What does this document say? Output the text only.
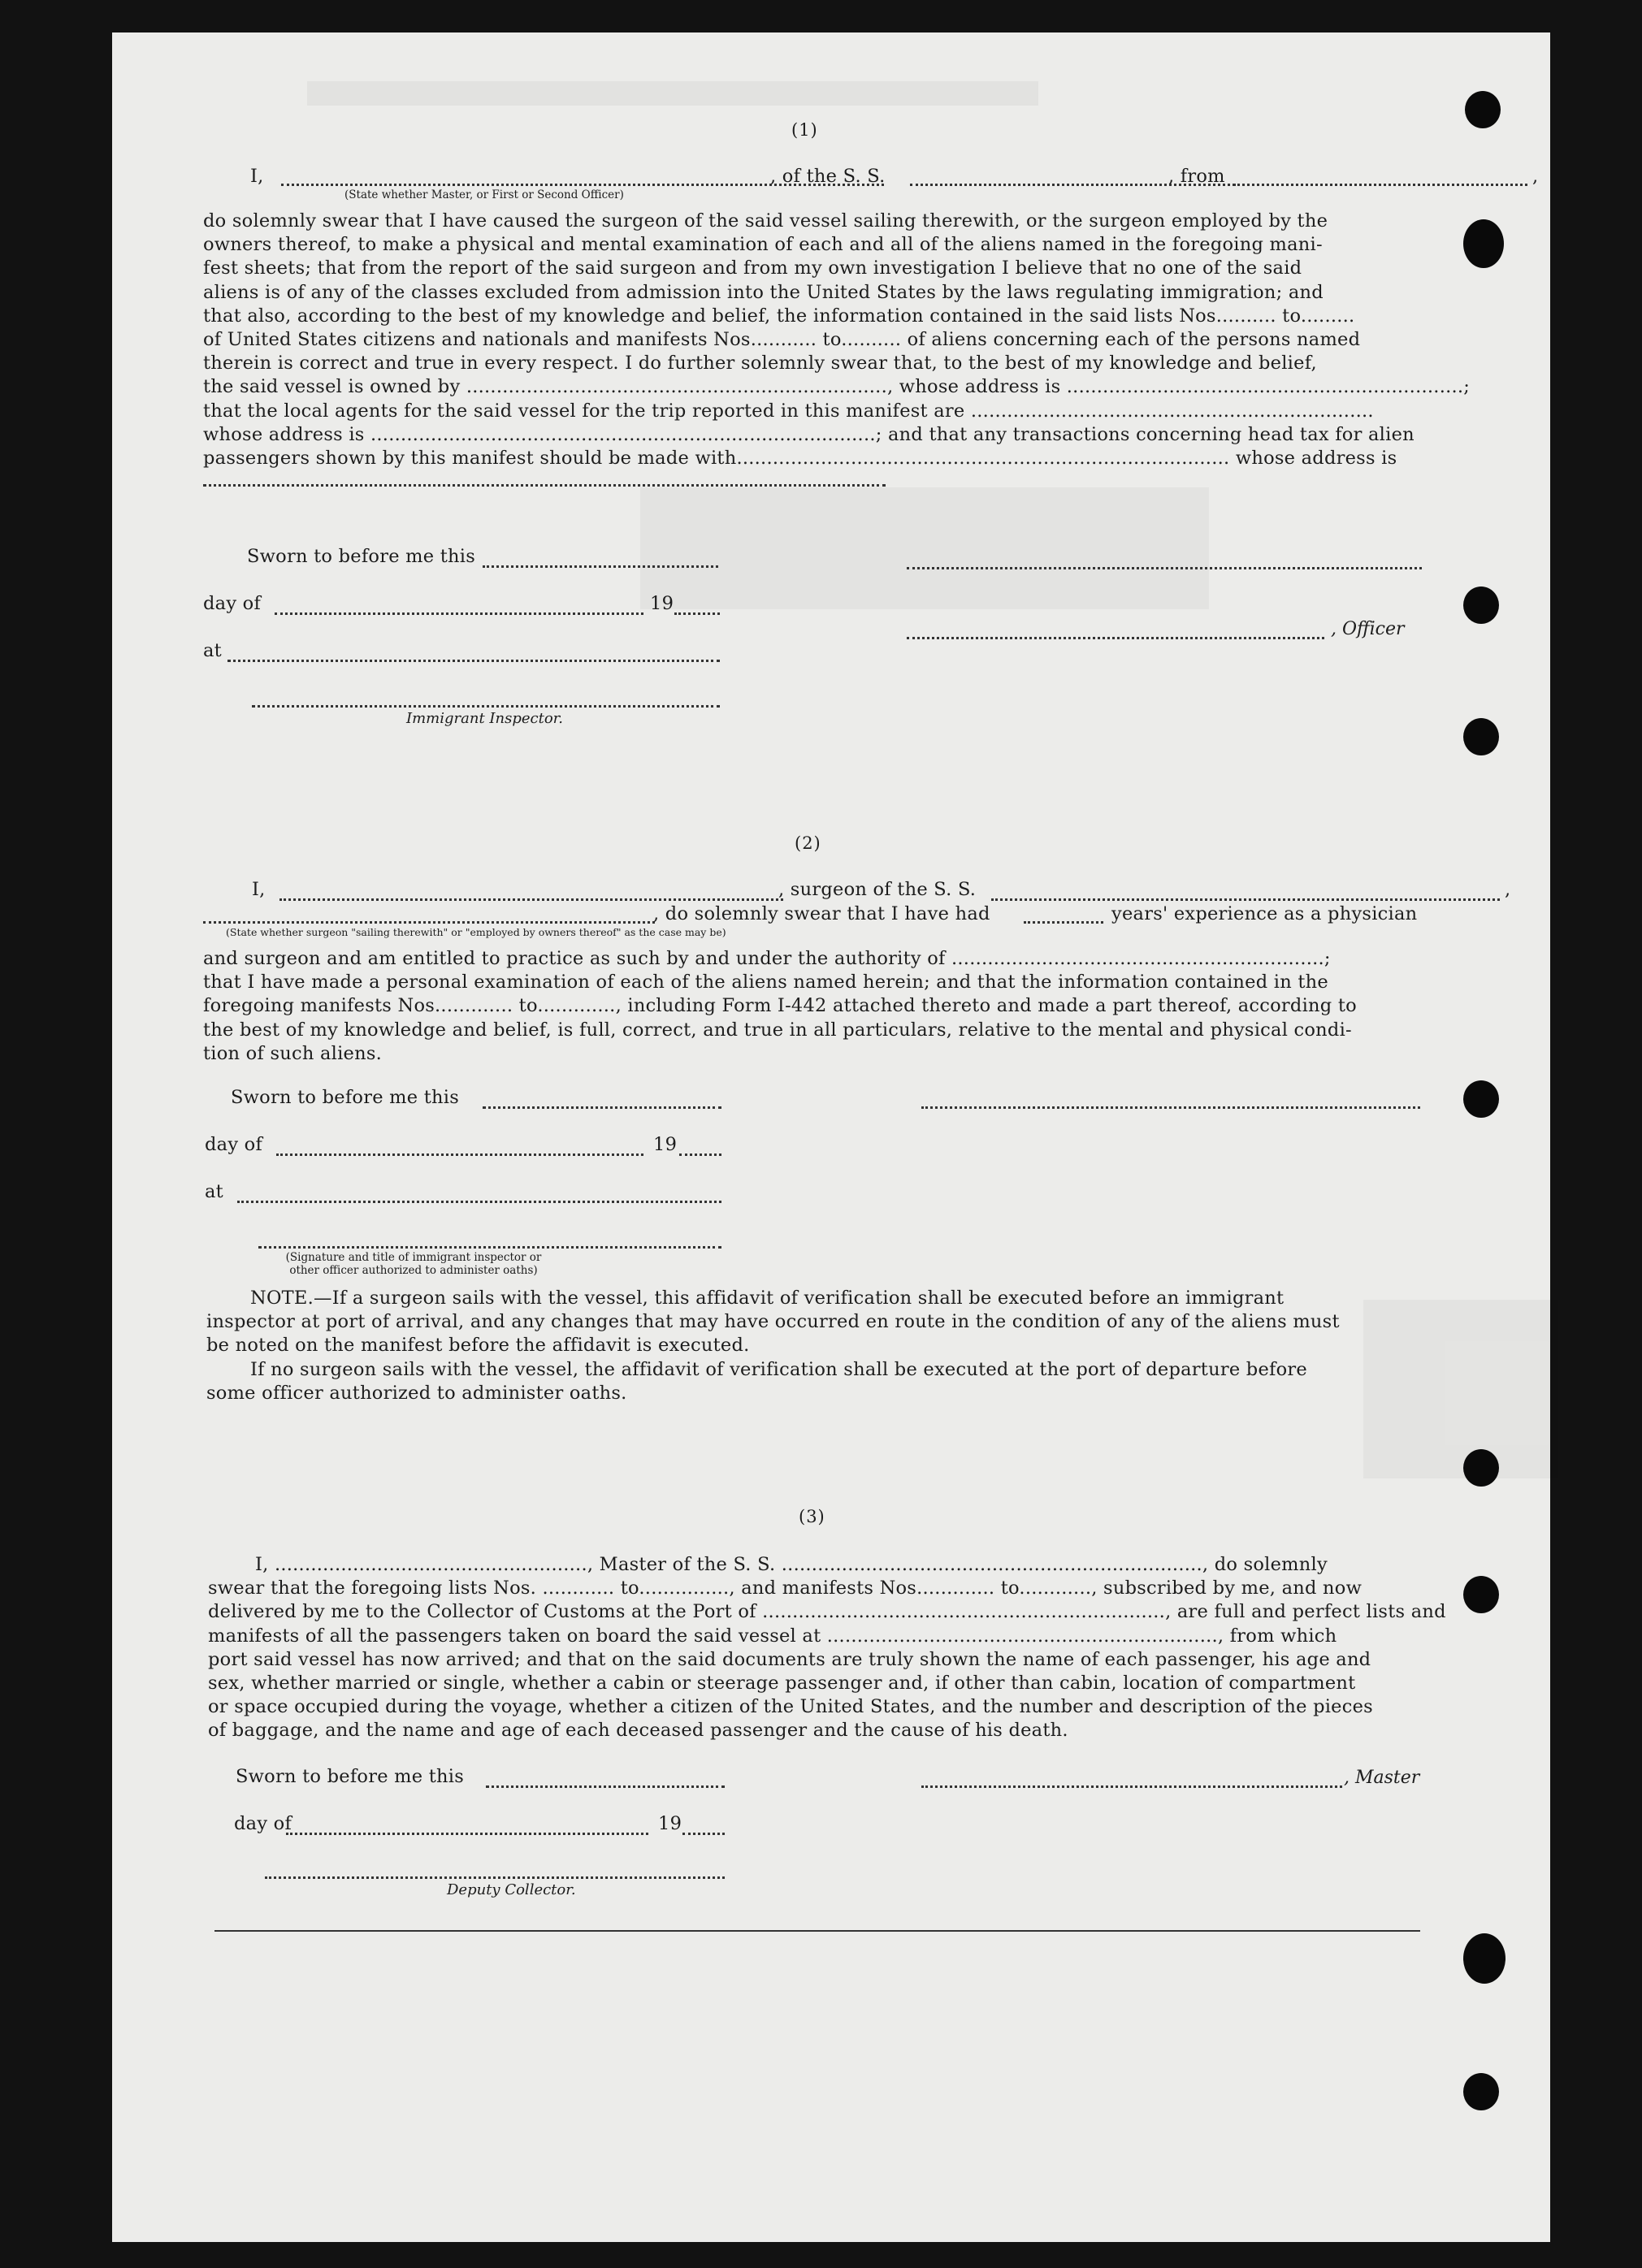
(1)
I,	, of the S. S.	, from	,
(State whether Master, or First or Second Officer)
do solemnly swear that I have caused the surgeon of the said vessel sailing therewith, or the surgeon employed by the
owners thereof, to make a physical and mental examination of each and all of the aliens named in the foregoing mani-
fest sheets; that from the report of the said surgeon and from my own investigation I believe that no one of the said
aliens is of any of the classes excluded from admission into the United States by the laws regulating immigration; and
that also, according to the best of my knowledge and belief, the information contained in the said lists Nos.......... to.........
of United States citizens and nationals and manifests Nos........... to.......... of aliens concerning each of the persons named
therein is correct and true in every respect. I do further solemnly swear that, to the best of my knowledge and belief,
the said vessel is owned by ......................................................................, whose address is ..................................................................;
that the local agents for the said vessel for the trip reported in this manifest are ...................................................................
whose address is ....................................................................................; and that any transactions concerning head tax for alien
passengers shown by this manifest should be made with.................................................................................. whose address is
Sworn to before me this
day of	19
at
Immigrant Inspector.
, Officer
(2)
I,	, surgeon of the S. S.	,
, do solemnly swear that I have had	years' experience as a physician
(State whether surgeon "sailing therewith" or "employed by owners thereof" as the case may be)
and surgeon and am entitled to practice as such by and under the authority of ..............................................................;
that I have made a personal examination of each of the aliens named herein; and that the information contained in the
foregoing manifests Nos............. to............., including Form I-442 attached thereto and made a part thereof, according to
the best of my knowledge and belief, is full, correct, and true in all particulars, relative to the mental and physical condi-
tion of such aliens.
Sworn to before me this
day of	19
at
(Signature and title of immigrant inspector or
other officer authorized to administer oaths)
NOTE.—If a surgeon sails with the vessel, this affidavit of verification shall be executed before an immigrant
inspector at port of arrival, and any changes that may have occurred en route in the condition of any of the aliens must
be noted on the manifest before the affidavit is executed.
If no surgeon sails with the vessel, the affidavit of verification shall be executed at the port of departure before
some officer authorized to administer oaths.
(3)
I, ...................................................., Master of the S. S. ......................................................................, do solemnly
swear that the foregoing lists Nos. ............ to..............., and manifests Nos............. to............, subscribed by me, and now
delivered by me to the Collector of Customs at the Port of ..................................................................., are full and perfect lists and
manifests of all the passengers taken on board the said vessel at ................................................................., from which
port said vessel has now arrived; and that on the said documents are truly shown the name of each passenger, his age and
sex, whether married or single, whether a cabin or steerage passenger and, if other than cabin, location of compartment
or space occupied during the voyage, whether a citizen of the United States, and the number and description of the pieces
of baggage, and the name and age of each deceased passenger and the cause of his death.
Sworn to before me this
day of	19
, Master
Deputy Collector.
